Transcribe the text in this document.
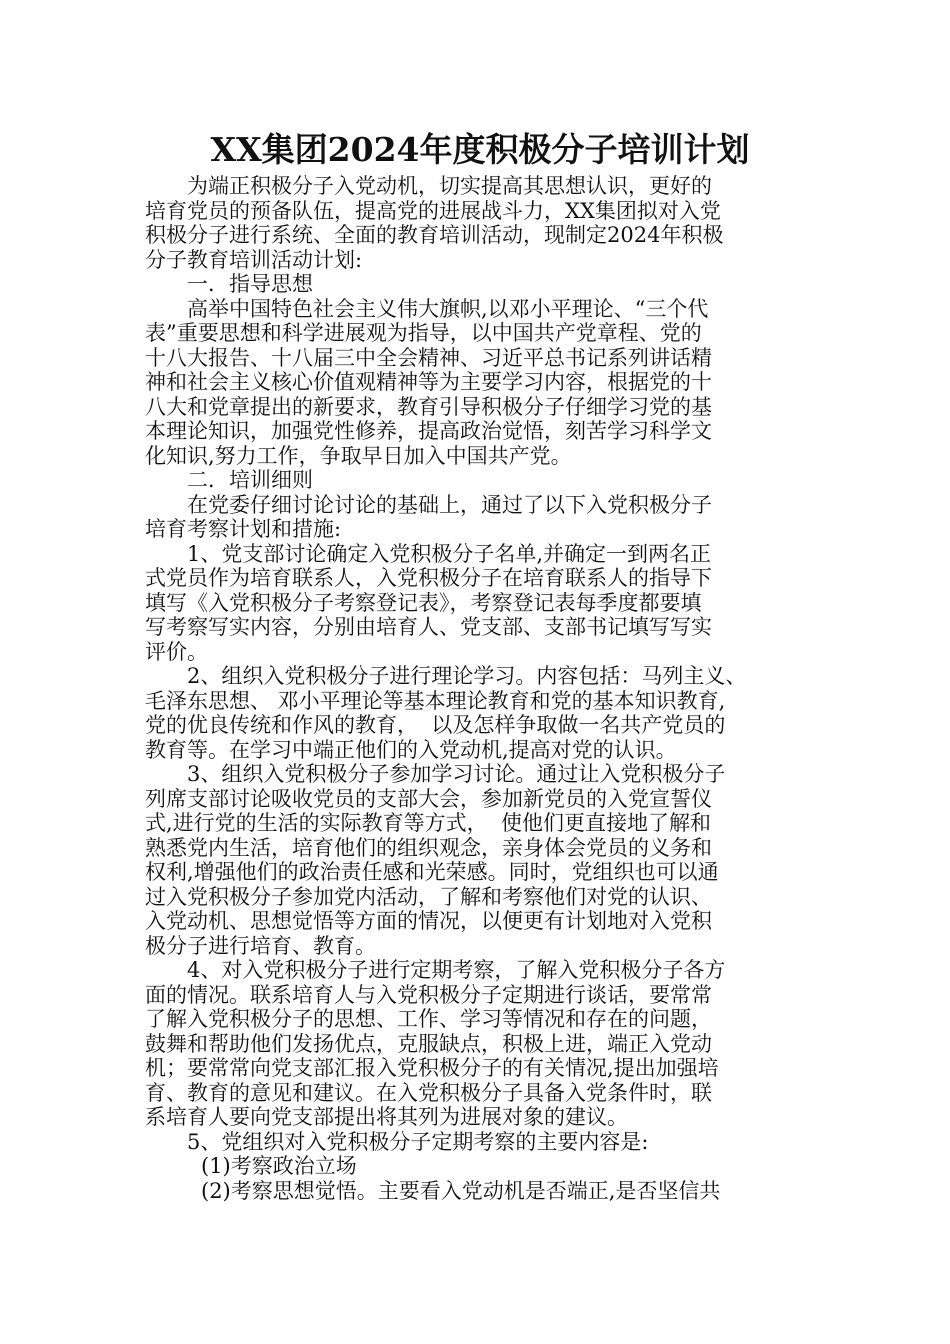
XX集团2024年度积极分子培训计划
为端正积极分子入党动机，切实提高其思想认识，更好的
培育党员的预备队伍，提高党的进展战斗力，XX集团拟对入党
积极分子进行系统、全面的教育培训活动，现制定2024年积极
分子教育培训活动计划:
一．指导思想
高举中国特色社会主义伟大旗帜,以邓小平理论、“三个代
表”重要思想和科学进展观为指导，以中国共产党章程、党的
十八大报告、十八届三中全会精神、习近平总书记系列讲话精
神和社会主义核心价值观精神等为主要学习内容，根据党的十
八大和党章提出的新要求，教育引导积极分子仔细学习党的基
本理论知识，加强党性修养，提高政治觉悟，刻苦学习科学文
化知识,努力工作，争取早日加入中国共产党。
二．培训细则
在党委仔细讨论讨论的基础上，通过了以下入党积极分子
培育考察计划和措施:
1、党支部讨论确定入党积极分子名单,并确定一到两名正
式党员作为培育联系人，入党积极分子在培育联系人的指导下
填写《入党积极分子考察登记表》，考察登记表每季度都要填
写考察写实内容，分别由培育人、党支部、支部书记填写写实
评价。
2、组织入党积极分子进行理论学习。内容包括：马列主义、
毛泽东思想、 邓小平理论等基本理论教育和党的基本知识教育,
党的优良传统和作风的教育，  以及怎样争取做一名共产党员的
教育等。在学习中端正他们的入党动机,提高对党的认识。
3、组织入党积极分子参加学习讨论。通过让入党积极分子
列席支部讨论吸收党员的支部大会，参加新党员的入党宣誓仪
式,进行党的生活的实际教育等方式，  使他们更直接地了解和
熟悉党内生活，培育他们的组织观念，亲身体会党员的义务和
权利,增强他们的政治责任感和光荣感。同时，党组织也可以通
过入党积极分子参加党内活动，了解和考察他们对党的认识、
入党动机、思想觉悟等方面的情况，以便更有计划地对入党积
极分子进行培育、教育。
4、对入党积极分子进行定期考察，了解入党积极分子各方
面的情况。联系培育人与入党积极分子定期进行谈话，要常常
了解入党积极分子的思想、工作、学习等情况和存在的问题，
鼓舞和帮助他们发扬优点，克服缺点，积极上进，端正入党动
机；要常常向党支部汇报入党积极分子的有关情况,提出加强培
育、教育的意见和建议。在入党积极分子具备入党条件时，联
系培育人要向党支部提出将其列为进展对象的建议。
5、党组织对入党积极分子定期考察的主要内容是:
(1)考察政治立场
(2)考察思想觉悟。主要看入党动机是否端正,是否坚信共
